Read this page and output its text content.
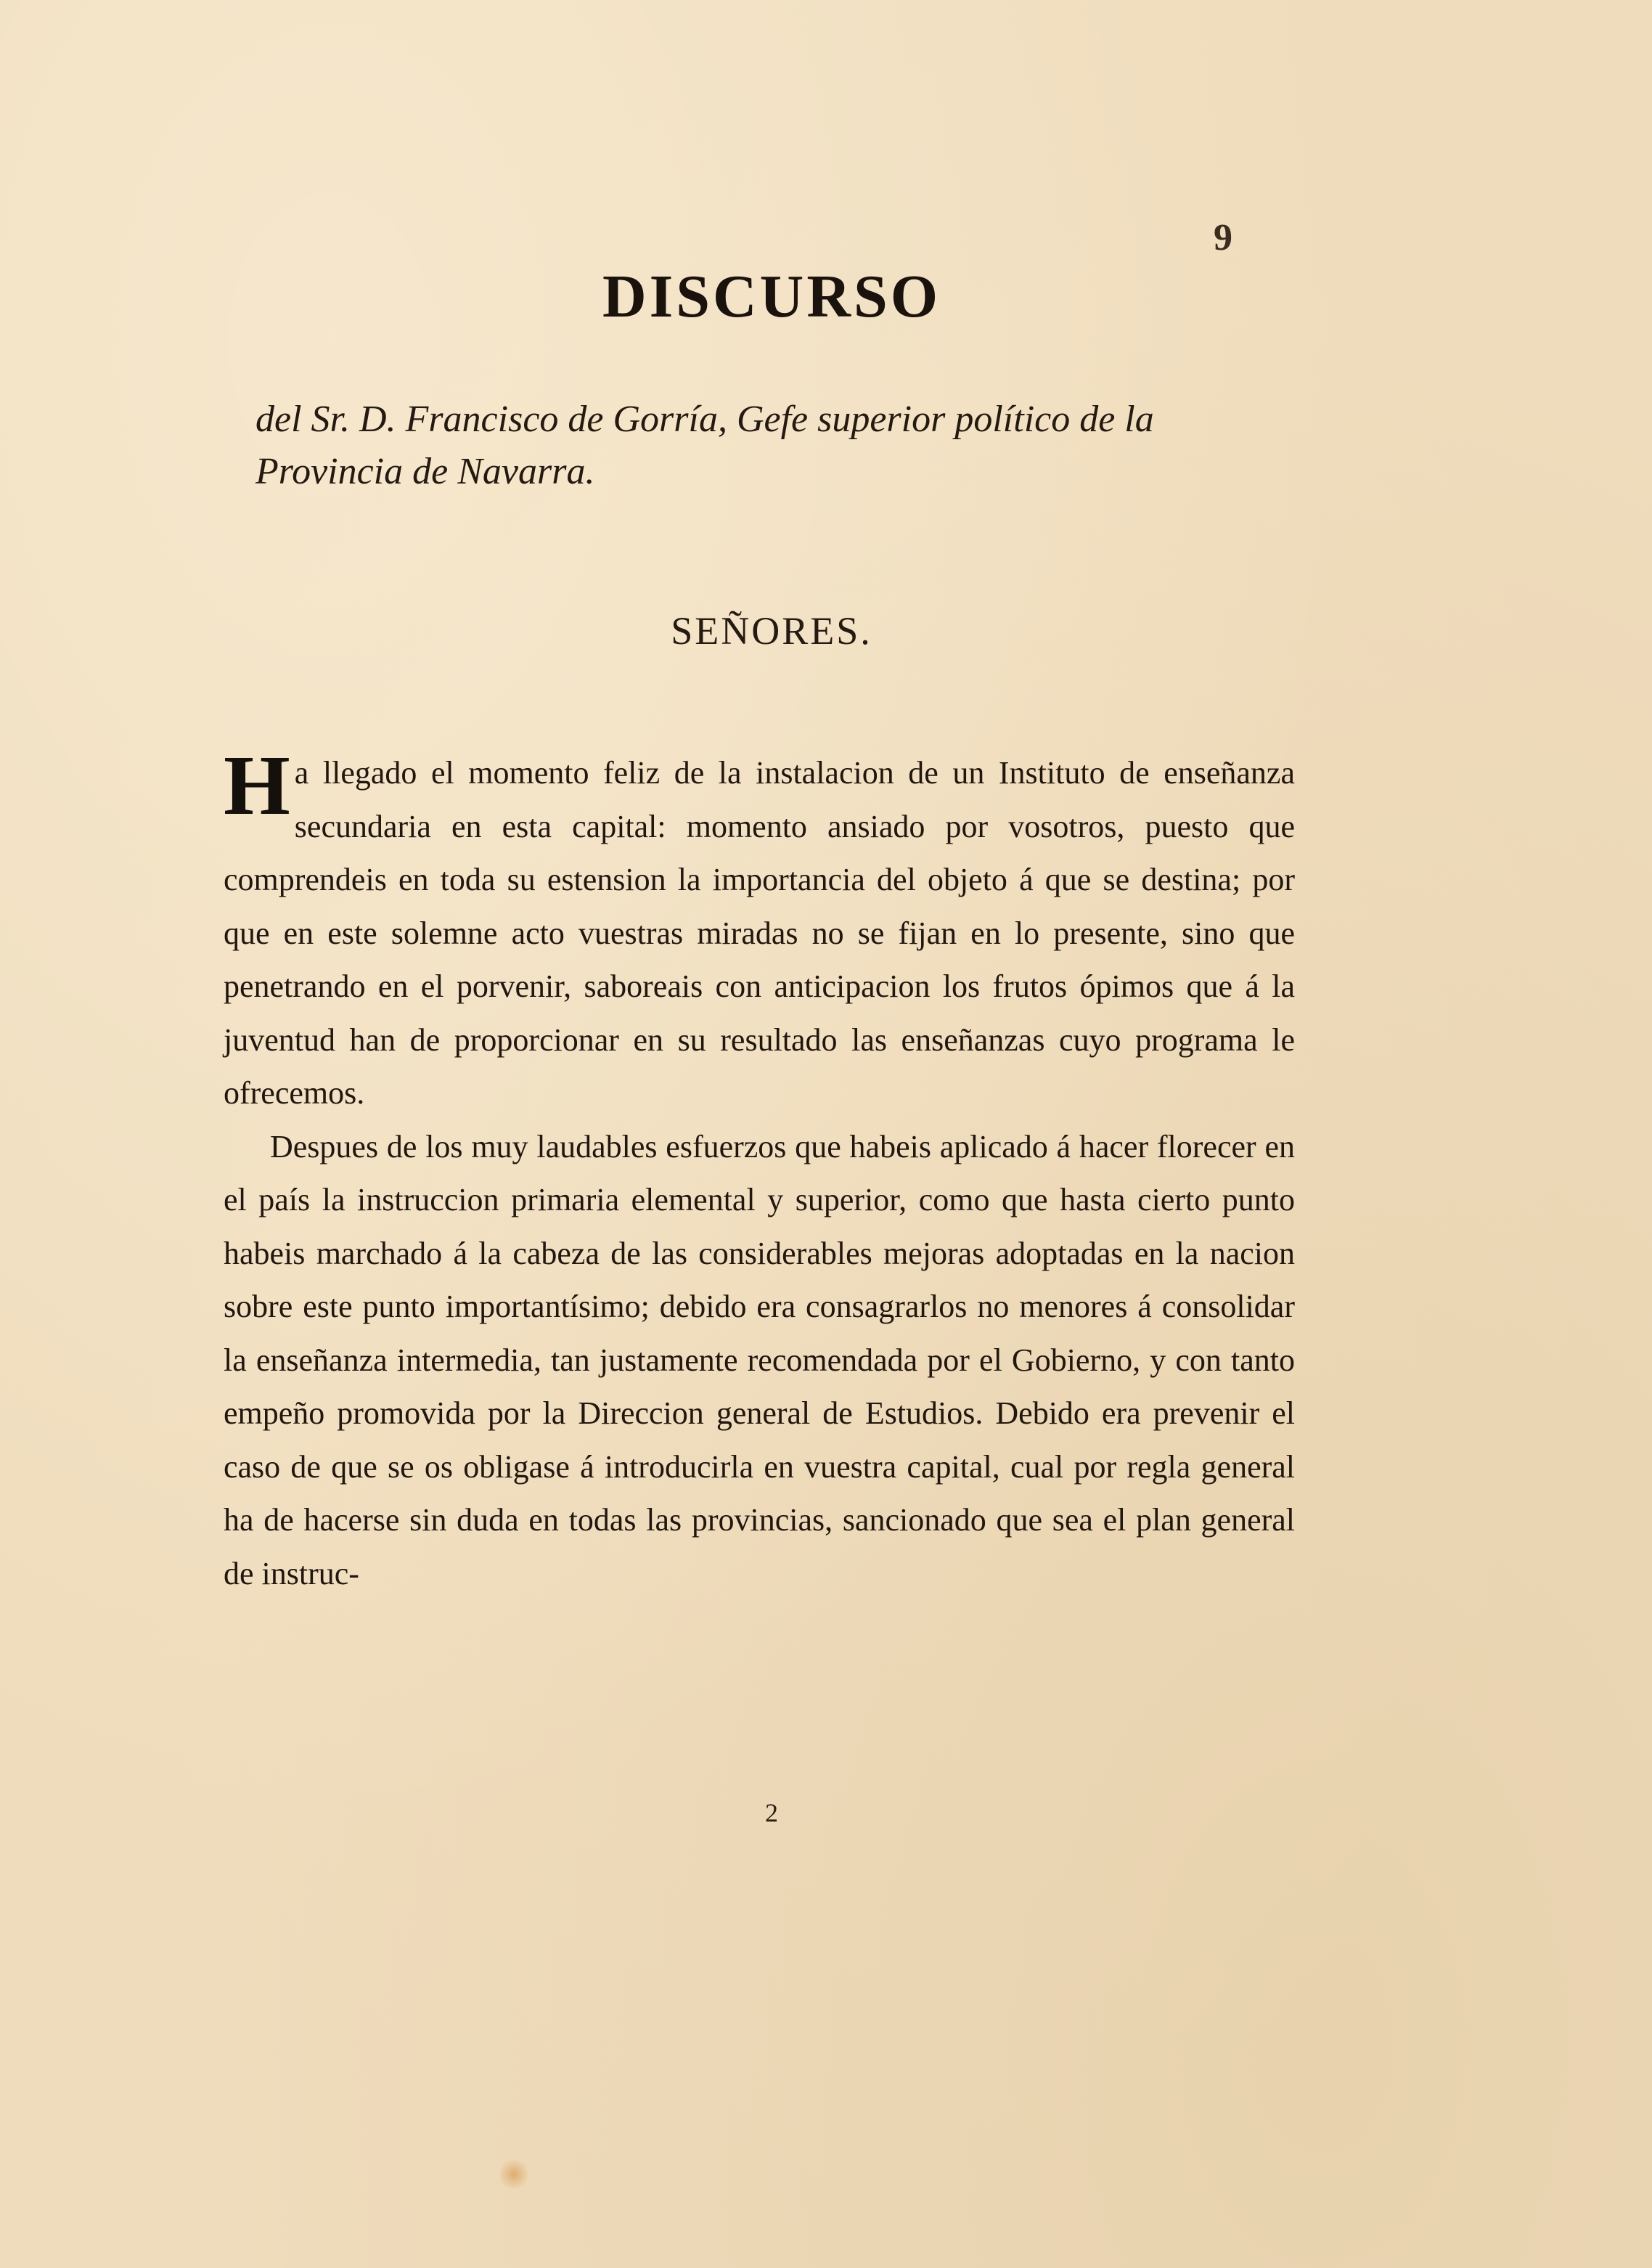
9
DISCURSO
del Sr. D. Francisco de Gorría, Gefe superior político de la Provincia de Navarra.
SEÑORES.

Ha llegado el momento feliz de la instalacion de un Instituto de enseñanza secundaria en esta capital: momento ansiado por vosotros, puesto que comprendeis en toda su estension la importancia del objeto á que se destina; por que en este solemne acto vuestras miradas no se fijan en lo presente, sino que penetrando en el porvenir, saboreais con anticipacion los frutos ópimos que á la juventud han de proporcionar en su resultado las enseñanzas cuyo programa le ofrecemos.

Despues de los muy laudables esfuerzos que habeis aplicado á hacer florecer en el país la instruccion primaria elemental y superior, como que hasta cierto punto habeis marchado á la cabeza de las considerables mejoras adoptadas en la nacion sobre este punto importantísimo; debido era consagrarlos no menores á consolidar la enseñanza intermedia, tan justamente recomendada por el Gobierno, y con tanto empeño promovida por la Direccion general de Estudios. Debido era prevenir el caso de que se os obligase á introducirla en vuestra capital, cual por regla general ha de hacerse sin duda en todas las provincias, sancionado que sea el plan general de instruc-

2
